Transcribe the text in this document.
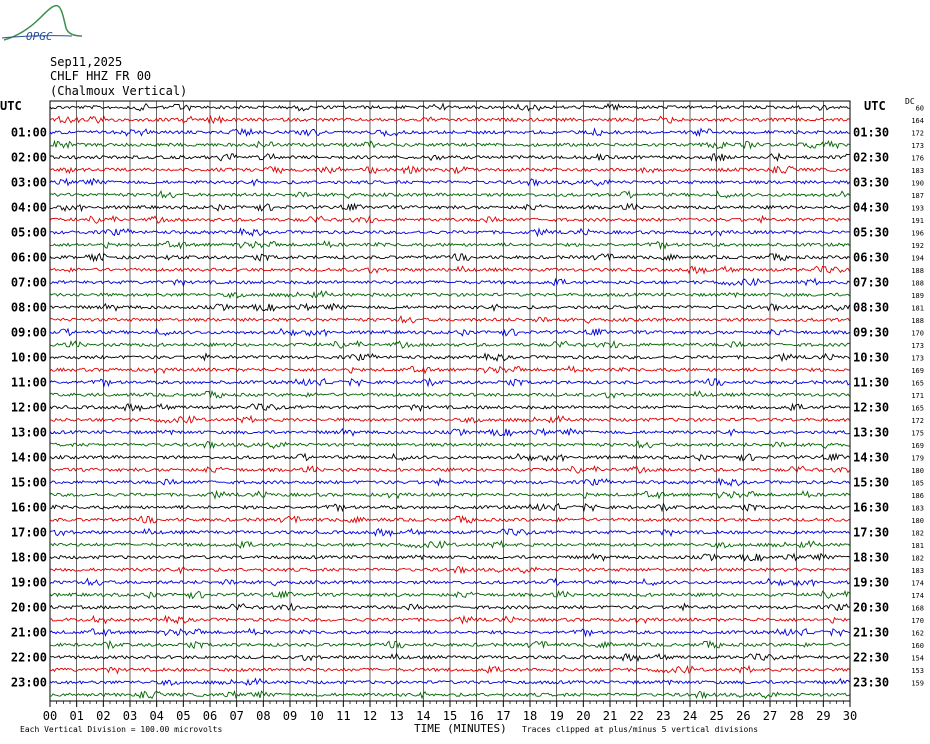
OPGC
Sep11,2025
CHLF HHZ FR 00
(Chalmoux Vertical)
UTC	UTC DC
01:00
02:00
03:00
04:00
05:00
06:00
07:00
08:00
09:00
10:00
11:00
12:00
13:00
14:00
15:00
16:00
17:00
18:00
19:00
20:00
21:00
22:00
23:00
01:30
02:30
03:30
04:30
05:30
06:30
07:30
08:30
09:30
10:30
11:30
12:30
13:30
14:30
15:30
16:30
17:30
18:30
19:30
20:30
21:30
22:30
23:30
60
164
172
173
176
183
190
187
193
191
196
192
194
188
188
189
181
188
170
173
173
169
165
171
165
172
175
169
179
180
185
186
183
180
182
181
182
183
174
174
168
170
162
160
154
153
159
00 01 02 03 04 05 06 07 08 09 10 11 12 13 14 15 16 17 18 19 20 21 22 23 24 25 26 27 28 29 30
Each Vertical Division = 100.00 microvolts	TIME (MINUTES) Traces clipped at plus/minus 5 vertical divisions
